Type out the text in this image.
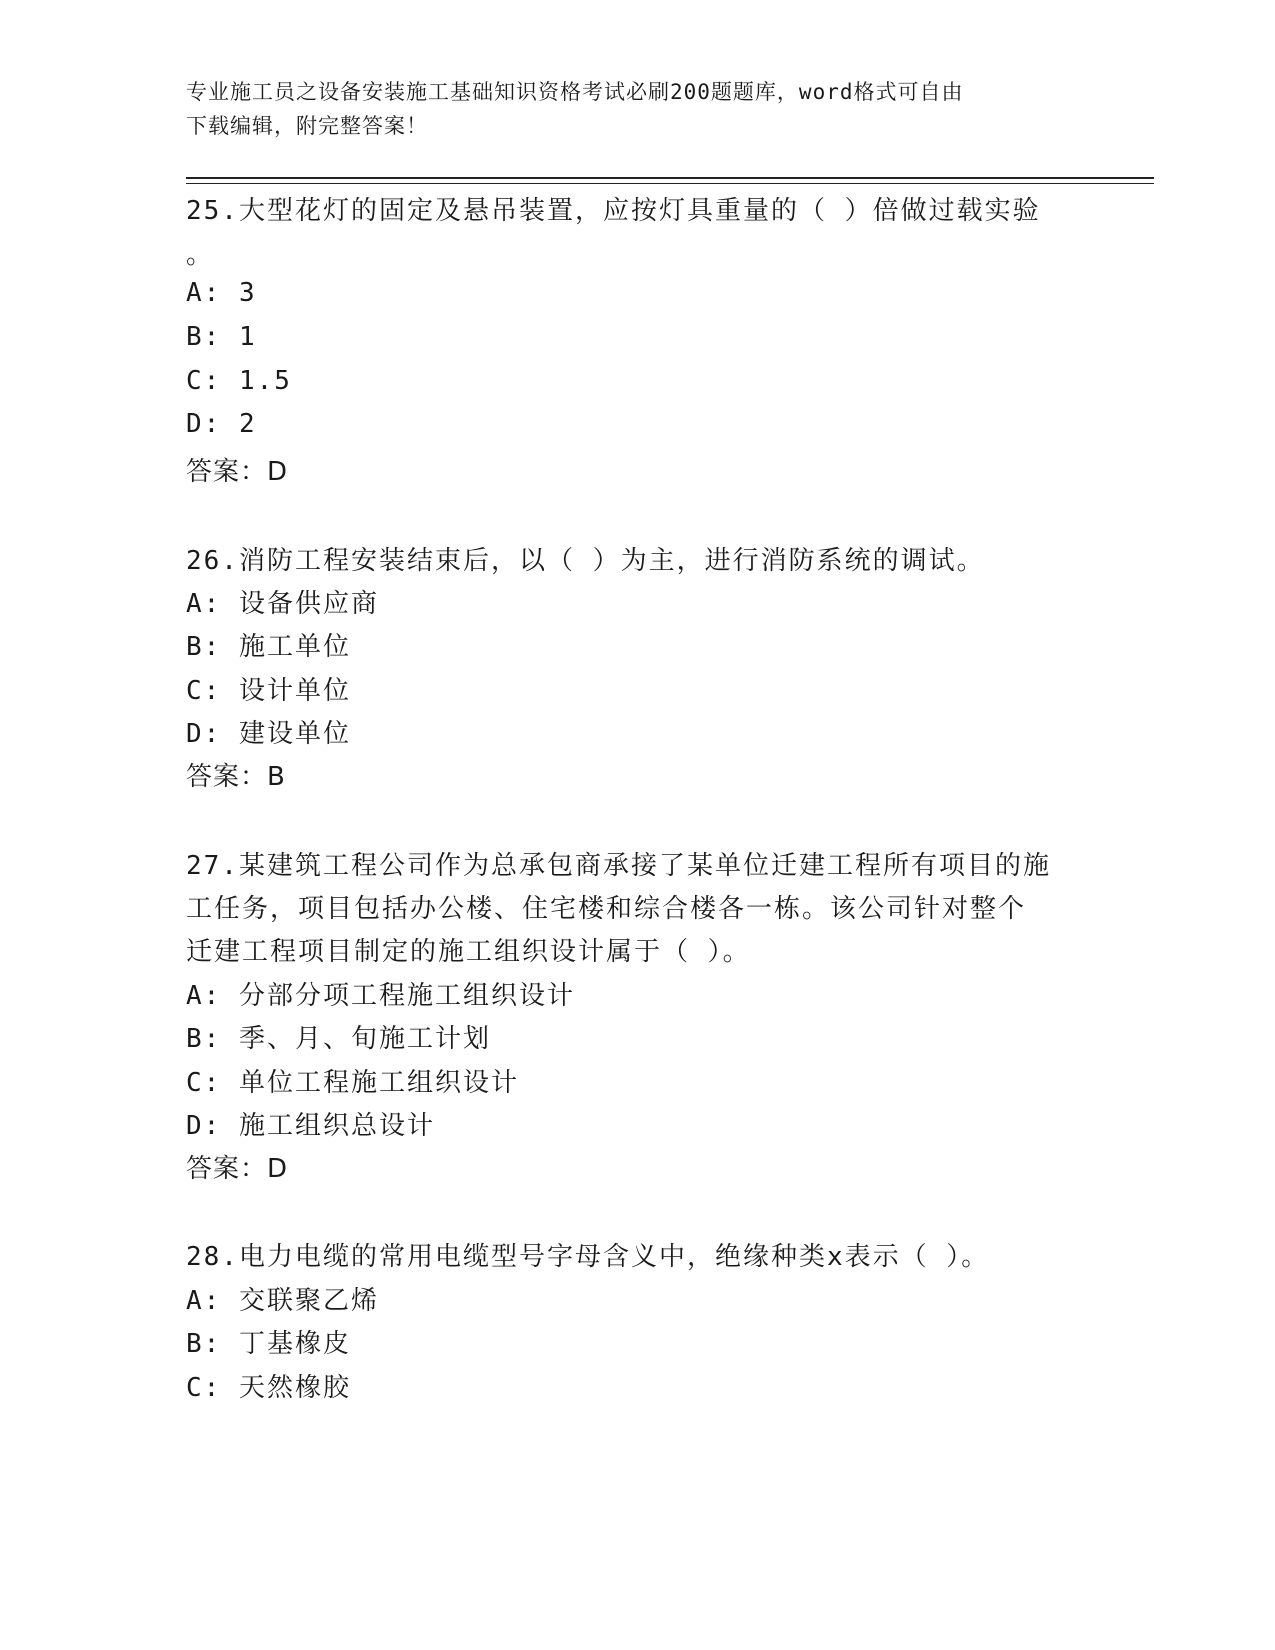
专业施工员之设备安装施工基础知识资格考试必刷200题题库，word格式可自由
下载编辑，附完整答案！
25.大型花灯的固定及悬吊装置，应按灯具重量的（ ）倍做过载实验
。
A: 3
B: 1
C: 1.5
D: 2
答案：D
26.消防工程安装结束后，以（ ）为主，进行消防系统的调试。
A: 设备供应商
B: 施工单位
C: 设计单位
D: 建设单位
答案：B
27.某建筑工程公司作为总承包商承接了某单位迁建工程所有项目的施
工任务，项目包括办公楼、住宅楼和综合楼各一栋。该公司针对整个
迁建工程项目制定的施工组织设计属于（ ）。
A: 分部分项工程施工组织设计
B: 季、月、旬施工计划
C: 单位工程施工组织设计
D: 施工组织总设计
答案：D
28.电力电缆的常用电缆型号字母含义中，绝缘种类x表示（ ）。
A: 交联聚乙烯
B: 丁基橡皮
C: 天然橡胶
